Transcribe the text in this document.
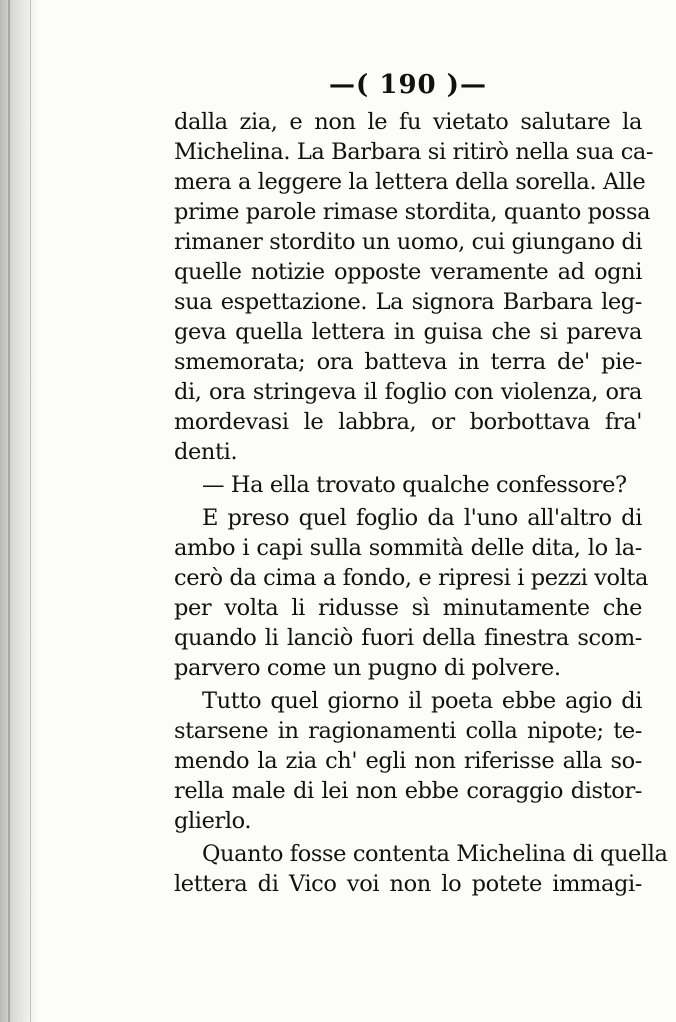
—( 190 )—
dalla zia, e non le fu vietato salutare la
Michelina. La Barbara si ritirò nella sua ca-
mera a leggere la lettera della sorella. Alle
prime parole rimase stordita, quanto possa
rimaner stordito un uomo, cui giungano di
quelle notizie opposte veramente ad ogni
sua espettazione. La signora Barbara leg-
geva quella lettera in guisa che si pareva
smemorata; ora batteva in terra de' pie-
di, ora stringeva il foglio con violenza, ora
mordevasi le labbra, or borbottava fra'
denti.
— Ha ella trovato qualche confessore?
E preso quel foglio da l'uno all'altro di
ambo i capi sulla sommità delle dita, lo la-
cerò da cima a fondo, e ripresi i pezzi volta
per volta li ridusse sì minutamente che
quando li lanciò fuori della finestra scom-
parvero come un pugno di polvere.
Tutto quel giorno il poeta ebbe agio di
starsene in ragionamenti colla nipote; te-
mendo la zia ch' egli non riferisse alla so-
rella male di lei non ebbe coraggio distor-
glierlo.
Quanto fosse contenta Michelina di quella
lettera di Vico voi non lo potete immagi-
